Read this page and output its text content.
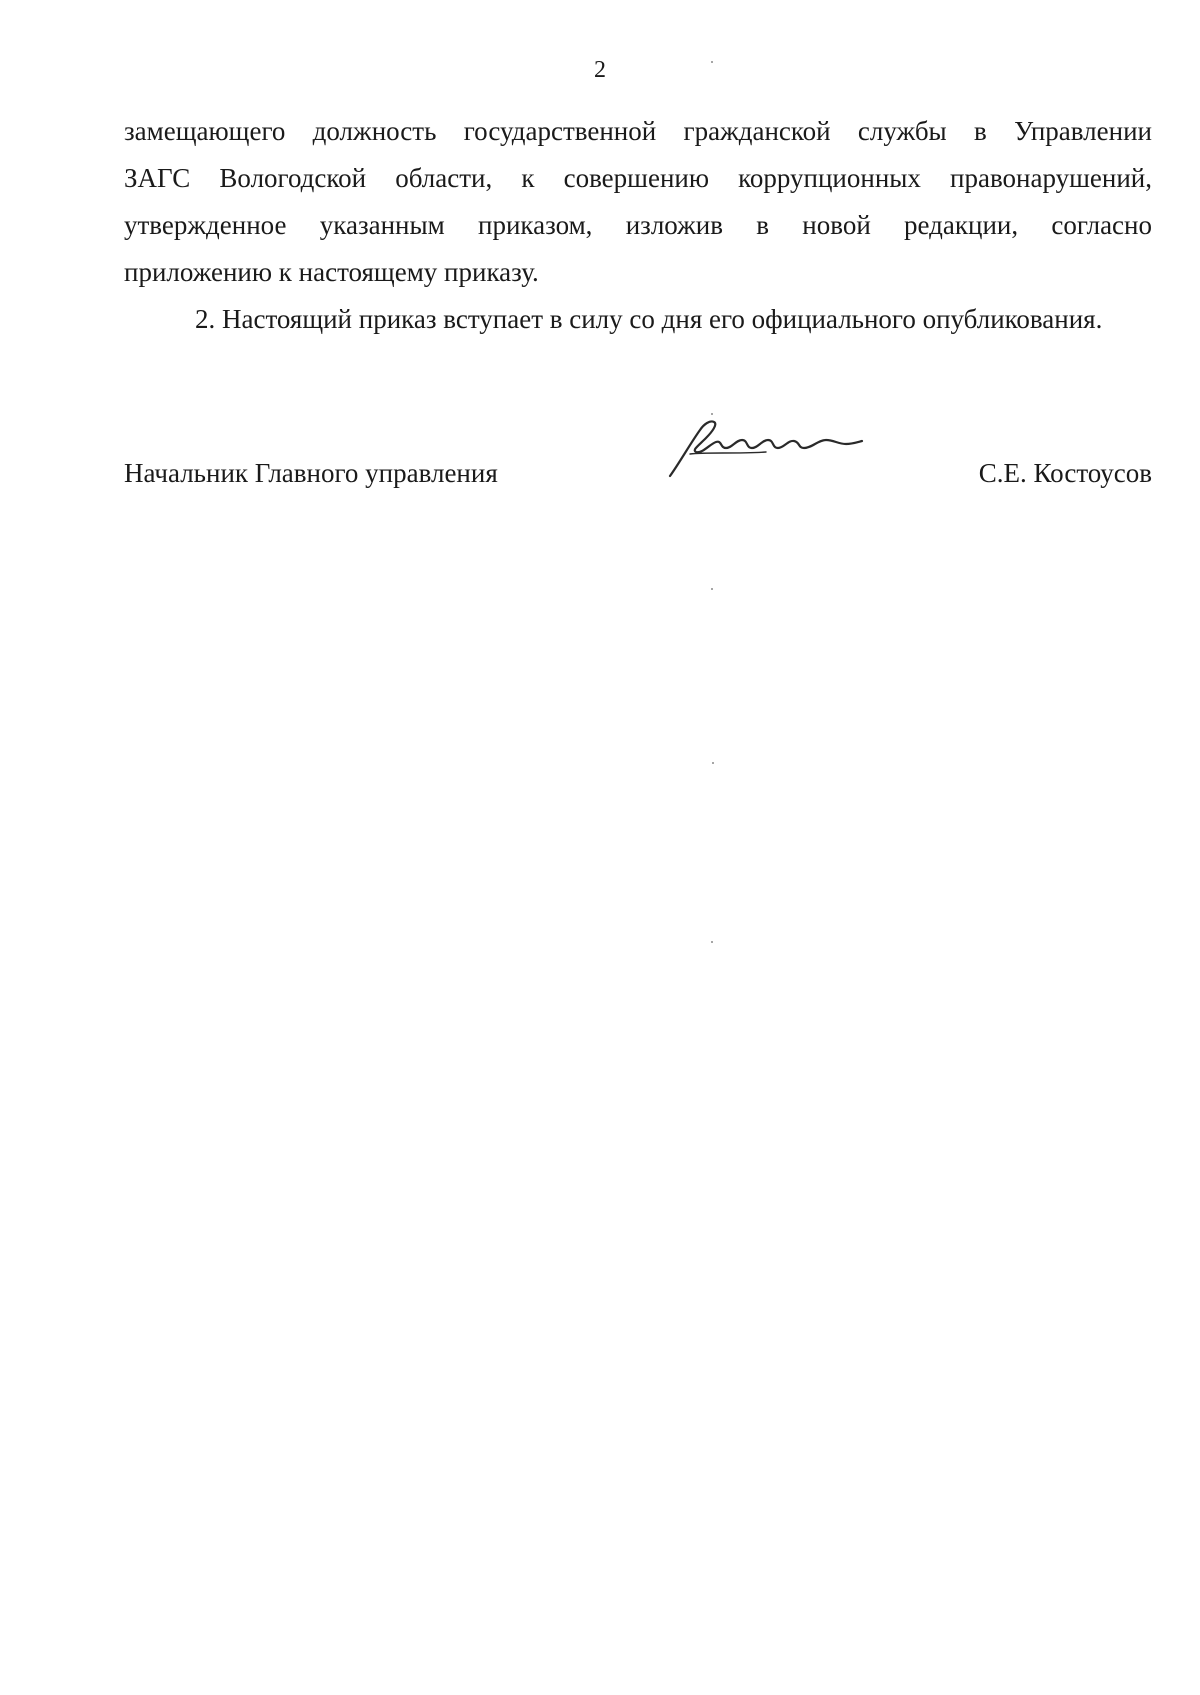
2
замещающего должность государственной гражданской службы в Управлении
ЗАГС Вологодской области, к совершению коррупционных правонарушений,
утвержденное указанным приказом, изложив в новой редакции, согласно
приложению к настоящему приказу.
2. Настоящий приказ вступает в силу со дня его официального опубликования.
Начальник Главного управления	С.Е. Костоусов
